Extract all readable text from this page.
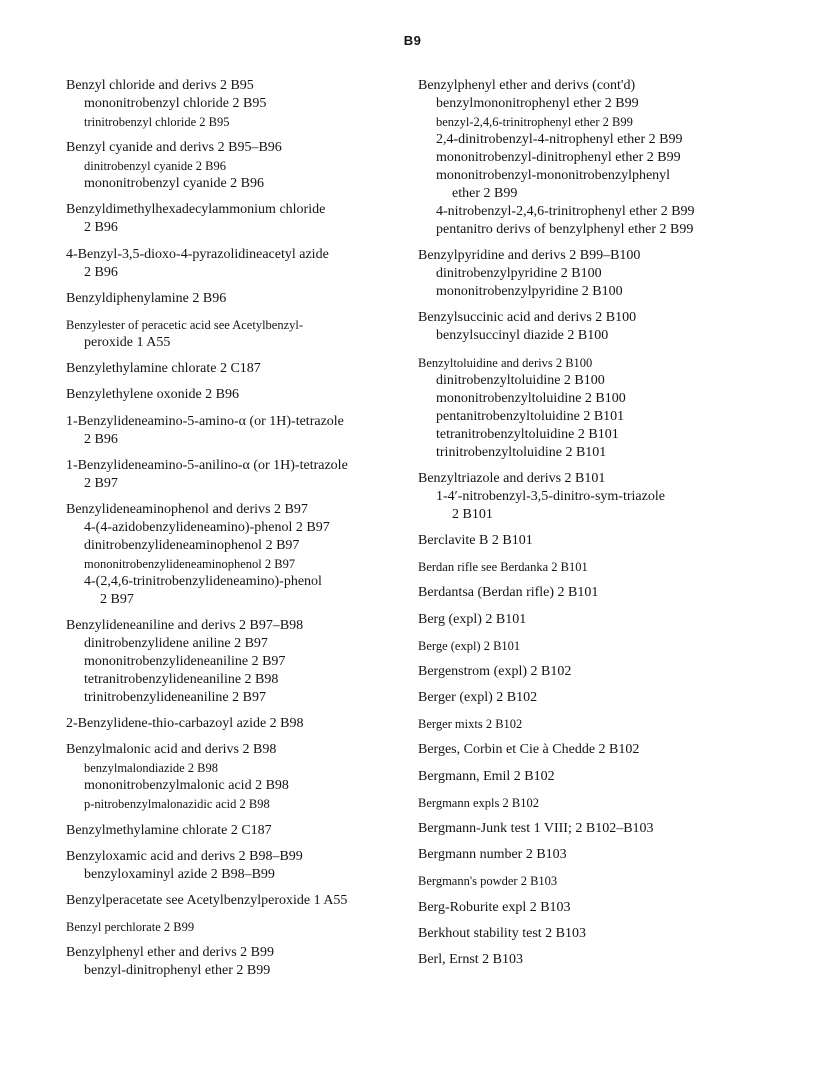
B9
Benzyl chloride and derivs 2 B95
mononitrobenzyl chloride 2 B95
trinitrobenzyl chloride 2 B95
Benzyl cyanide and derivs 2 B95–B96
dinitrobenzyl cyanide 2 B96
mononitrobenzyl cyanide 2 B96
Benzyldimethylhexadecylammonium chloride
2 B96
4-Benzyl-3,5-dioxo-4-pyrazolidineacetyl azide
2 B96
Benzyldiphenylamine 2 B96
Benzylester of peracetic acid see Acetylbenzyl-
peroxide 1 A55
Benzylethylamine chlorate 2 C187
Benzylethylene oxonide 2 B96
1-Benzylideneamino-5-amino-α (or 1H)-tetrazole
2 B96
1-Benzylideneamino-5-anilino-α (or 1H)-tetrazole
2 B97
Benzylideneaminophenol and derivs 2 B97
4-(4-azidobenzylideneamino)-phenol 2 B97
dinitrobenzylideneaminophenol 2 B97
mononitrobenzylideneaminophenol 2 B97
4-(2,4,6-trinitrobenzylideneamino)-phenol
2 B97
Benzylideneaniline and derivs 2 B97–B98
dinitrobenzylidene aniline 2 B97
mononitrobenzylideneaniline 2 B97
tetranitrobenzylideneaniline 2 B98
trinitrobenzylideneaniline 2 B97
2-Benzylidene-thio-carbazoyl azide 2 B98
Benzylmalonic acid and derivs 2 B98
benzylmalondiazide 2 B98
mononitrobenzylmalonic acid 2 B98
p-nitrobenzylmalonazidic acid 2 B98
Benzylmethylamine chlorate 2 C187
Benzyloxamic acid and derivs 2 B98–B99
benzyloxaminyl azide 2 B98–B99
Benzylperacetate see Acetylbenzylperoxide 1 A55
Benzyl perchlorate 2 B99
Benzylphenyl ether and derivs 2 B99
benzyl-dinitrophenyl ether 2 B99
Benzylphenyl ether and derivs (cont'd)
benzylmononitrophenyl ether 2 B99
benzyl-2,4,6-trinitrophenyl ether 2 B99
2,4-dinitrobenzyl-4-nitrophenyl ether 2 B99
mononitrobenzyl-dinitrophenyl ether 2 B99
mononitrobenzyl-mononitrobenzylphenyl
ether 2 B99
4-nitrobenzyl-2,4,6-trinitrophenyl ether 2 B99
pentanitro derivs of benzylphenyl ether 2 B99
Benzylpyridine and derivs 2 B99–B100
dinitrobenzylpyridine 2 B100
mononitrobenzylpyridine 2 B100
Benzylsuccinic acid and derivs 2 B100
benzylsuccinyl diazide 2 B100
Benzyltoluidine and derivs 2 B100
dinitrobenzyltoluidine 2 B100
mononitrobenzyltoluidine 2 B100
pentanitrobenzyltoluidine 2 B101
tetranitrobenzyltoluidine 2 B101
trinitrobenzyltoluidine 2 B101
Benzyltriazole and derivs 2 B101
1-4′-nitrobenzyl-3,5-dinitro-sym-triazole
2 B101
Berclavite B 2 B101
Berdan rifle see Berdanka 2 B101
Berdantsa (Berdan rifle) 2 B101
Berg (expl) 2 B101
Berge (expl) 2 B101
Bergenstrom (expl) 2 B102
Berger (expl) 2 B102
Berger mixts 2 B102
Berges, Corbin et Cie à Chedde 2 B102
Bergmann, Emil 2 B102
Bergmann expls 2 B102
Bergmann-Junk test 1 VIII; 2 B102–B103
Bergmann number 2 B103
Bergmann's powder 2 B103
Berg-Roburite expl 2 B103
Berkhout stability test 2 B103
Berl, Ernst 2 B103
